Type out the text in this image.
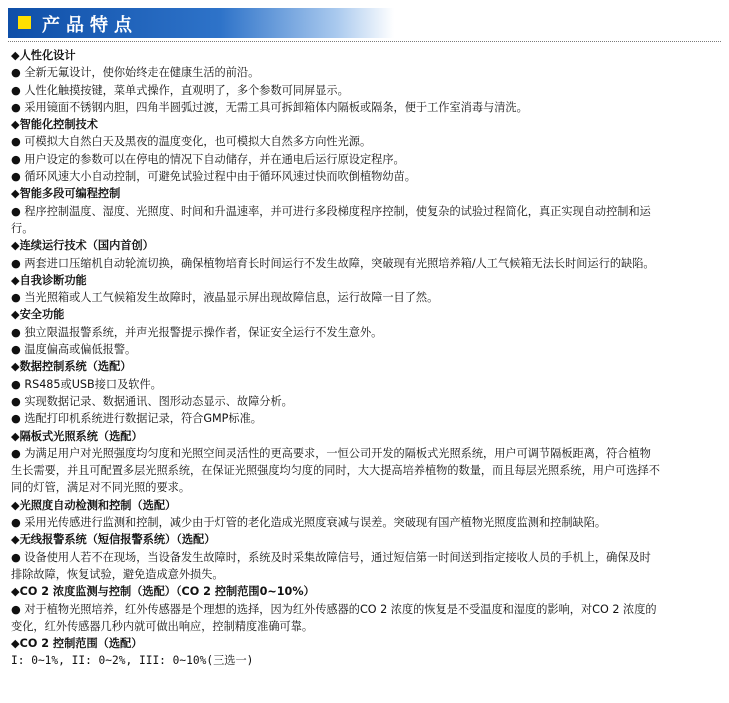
产品特点
◆人性化设计
● 全新无氟设计，使你始终走在健康生活的前沿。
● 人性化触摸按键，菜单式操作，直观明了，多个参数可同屏显示。
● 采用镜面不锈钢内胆，四角半圆弧过渡，无需工具可拆卸箱体内隔板或隔条，便于工作室消毒与清洗。
◆智能化控制技术
● 可模拟大自然白天及黑夜的温度变化，也可模拟大自然多方向性光源。
● 用户设定的参数可以在停电的情况下自动储存，并在通电后运行原设定程序。
● 循环风速大小自动控制，可避免试验过程中由于循环风速过快而吹倒植物幼苗。
◆智能多段可编程控制
● 程序控制温度、湿度、光照度、时间和升温速率，并可进行多段梯度程序控制，使复杂的试验过程简化，真正实现自动控制和运
行。
◆连续运行技术（国内首创）
● 两套进口压缩机自动轮流切换，确保植物培育长时间运行不发生故障，突破现有光照培养箱/人工气候箱无法长时间运行的缺陷。
◆自我诊断功能
● 当光照箱或人工气候箱发生故障时，液晶显示屏出现故障信息，运行故障一目了然。
◆安全功能
● 独立限温报警系统，并声光报警提示操作者，保证安全运行不发生意外。
● 温度偏高或偏低报警。
◆数据控制系统（选配）
● RS485或USB接口及软件。
● 实现数据记录、数据通讯、图形动态显示、故障分析。
● 选配打印机系统进行数据记录，符合GMP标准。
◆隔板式光照系统（选配）
● 为满足用户对光照强度均匀度和光照空间灵活性的更高要求，一恒公司开发的隔板式光照系统，用户可调节隔板距离，符合植物
生长需要，并且可配置多层光照系统，在保证光照强度均匀度的同时，大大提高培养植物的数量，而且每层光照系统，用户可选择不
同的灯管，满足对不同光照的要求。
◆光照度自动检测和控制（选配）
● 采用光传感进行监测和控制，减少由于灯管的老化造成光照度衰减与误差。突破现有国产植物光照度监测和控制缺陷。
◆无线报警系统（短信报警系统）（选配）
● 设备使用人若不在现场，当设备发生故障时，系统及时采集故障信号，通过短信第一时间送到指定接收人员的手机上，确保及时
排除故障，恢复试验，避免造成意外损失。
◆CO 2 浓度监测与控制（选配）（CO 2 控制范围0~10%）
● 对于植物光照培养，红外传感器是个理想的选择，因为红外传感器的CO 2 浓度的恢复是不受温度和湿度的影响，对CO 2 浓度的
变化，红外传感器几秒内就可做出响应，控制精度准确可靠。
◆CO 2 控制范围（选配）
I: 0~1%, II: 0~2%, III: 0~10%(三选一)
